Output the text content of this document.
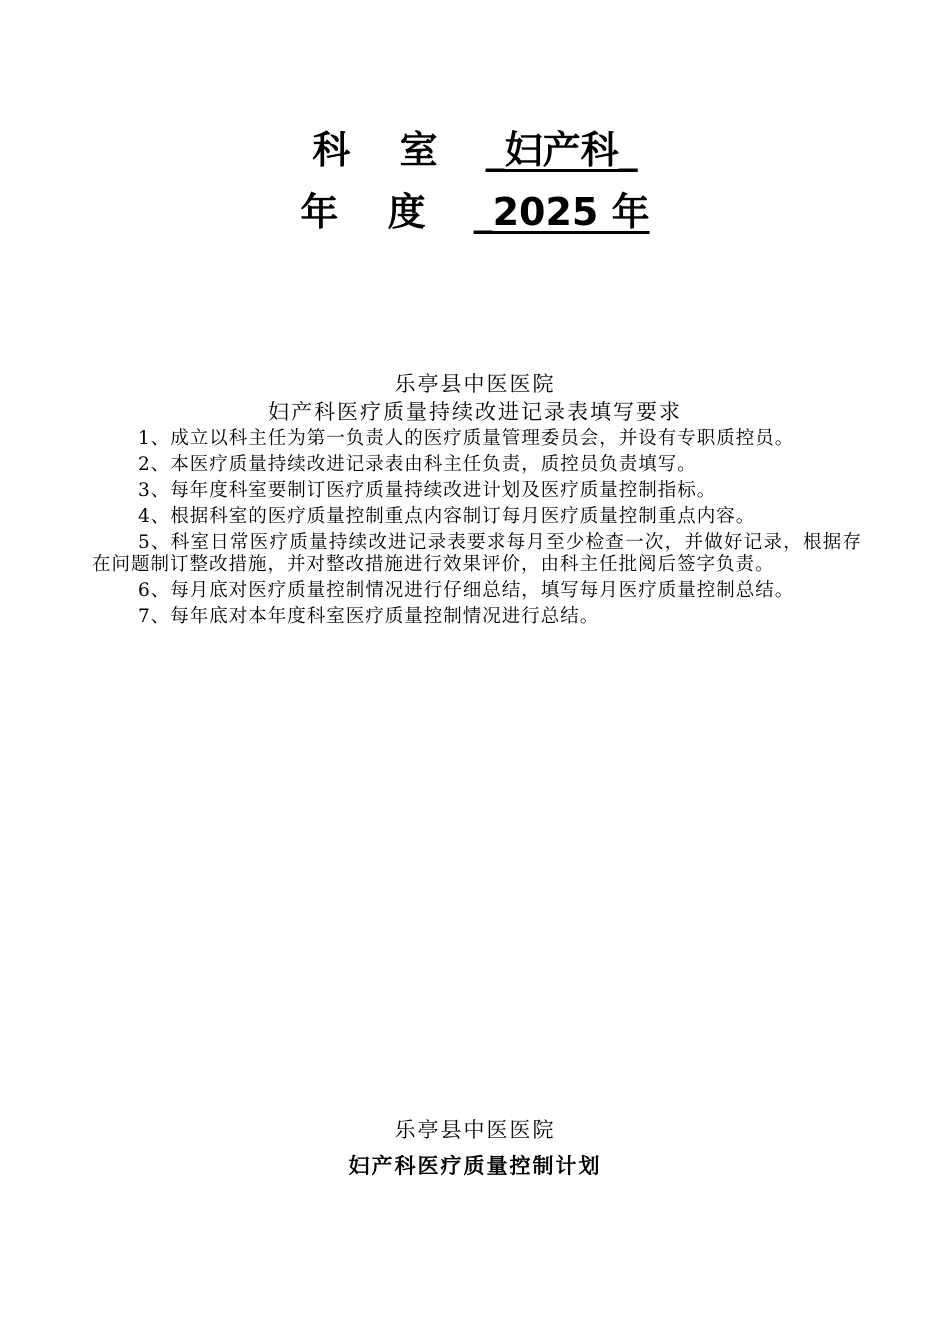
科 室 _妇产科_
年 度 _2025 年
乐亭县中医医院
妇产科医疗质量持续改进记录表填写要求
1、成立以科主任为第一负责人的医疗质量管理委员会，并设有专职质控员。
2、本医疗质量持续改进记录表由科主任负责，质控员负责填写。
3、每年度科室要制订医疗质量持续改进计划及医疗质量控制指标。
4、根据科室的医疗质量控制重点内容制订每月医疗质量控制重点内容。
5、科室日常医疗质量持续改进记录表要求每月至少检查一次，并做好记录，根据存在问题制订整改措施，并对整改措施进行效果评价，由科主任批阅后签字负责。
6、每月底对医疗质量控制情况进行仔细总结，填写每月医疗质量控制总结。
7、每年底对本年度科室医疗质量控制情况进行总结。
乐亭县中医医院
妇产科医疗质量控制计划
